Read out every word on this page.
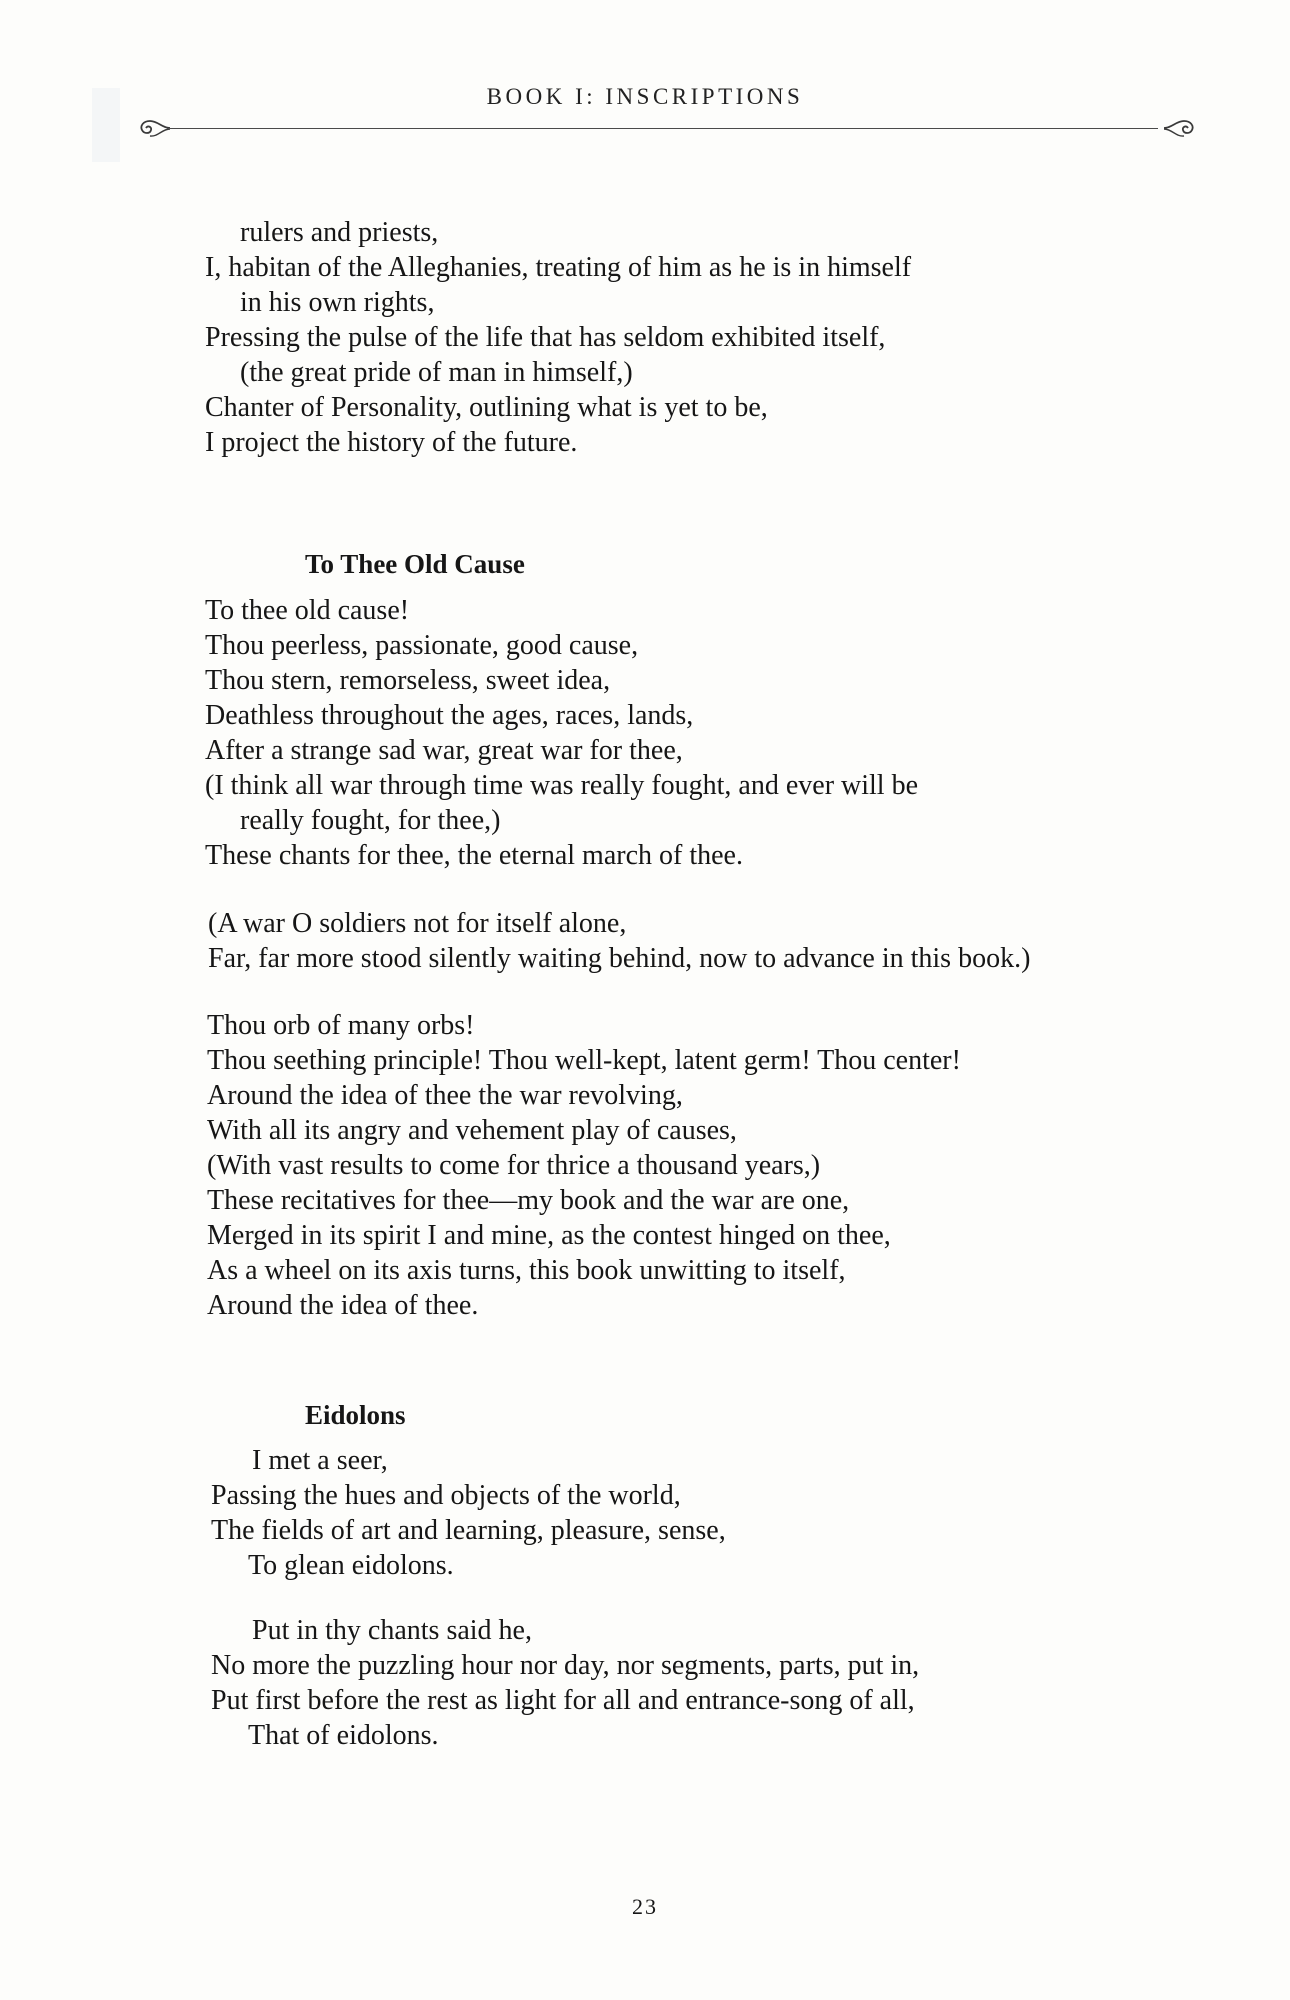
BOOK I: INSCRIPTIONS

rulers and priests,

I, habitan of the Alleghanies, treating of him as he is in himself

in his own rights,

Pressing the pulse of the life that has seldom exhibited itself,

(the great pride of man in himself,)

Chanter of Personality, outlining what is yet to be,

I project the history of the future.

To Thee Old Cause

To thee old cause!

Thou peerless, passionate, good cause,

Thou stern, remorseless, sweet idea,

Deathless throughout the ages, races, lands,

After a strange sad war, great war for thee,

(I think all war through time was really fought, and ever will be

really fought, for thee,)

These chants for thee, the eternal march of thee.

(A war O soldiers not for itself alone,

Far, far more stood silently waiting behind, now to advance in this book.)

Thou orb of many orbs!

Thou seething principle! Thou well-kept, latent germ! Thou center!

Around the idea of thee the war revolving,

With all its angry and vehement play of causes,

(With vast results to come for thrice a thousand years,)

These recitatives for thee—my book and the war are one,

Merged in its spirit I and mine, as the contest hinged on thee,

As a wheel on its axis turns, this book unwitting to itself,

Around the idea of thee.

Eidolons

I met a seer,

Passing the hues and objects of the world,

The fields of art and learning, pleasure, sense,

To glean eidolons.

Put in thy chants said he,

No more the puzzling hour nor day, nor segments, parts, put in,

Put first before the rest as light for all and entrance-song of all,

That of eidolons.

23
